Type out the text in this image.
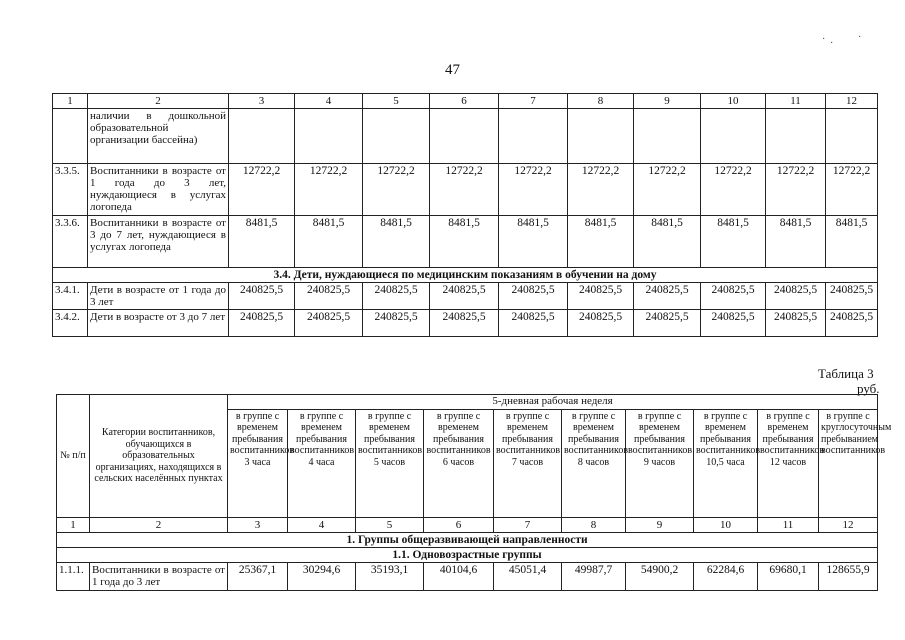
47
· ·
·
1	2	3	4	5	6	7	8	9	10	11	12
	наличии в дошкольной образовательной организации бассейна)										
3.3.5.	Воспитанники в возрасте от 1 года до 3 лет, нуждающиеся в услугах логопеда	12722,2	12722,2	12722,2	12722,2	12722,2	12722,2	12722,2	12722,2	12722,2	12722,2
3.3.6.	Воспитанники в возрасте от 3 до 7 лет, нуждающиеся в услугах логопеда	8481,5	8481,5	8481,5	8481,5	8481,5	8481,5	8481,5	8481,5	8481,5	8481,5
3.4. Дети, нуждающиеся по медицинским показаниям в обучении на дому											
3.4.1.	Дети в возрасте от 1 года до 3 лет	240825,5	240825,5	240825,5	240825,5	240825,5	240825,5	240825,5	240825,5	240825,5	240825,5
3.4.2.	Дети в возрасте от 3 до 7 лет	240825,5	240825,5	240825,5	240825,5	240825,5	240825,5	240825,5	240825,5	240825,5	240825,5
Таблица 3
руб.
№ п/п	Категории воспитанников, обучающихся в образовательных организациях, находящихся в сельских населённых пунктах	5-дневная рабочая неделя									
		в группе с временем пребывания воспитанников 3 часа	в группе с временем пребывания воспитанников 4 часа	в группе с временем пребывания воспитанников 5 часов	в группе с временем пребывания воспитанников 6 часов	в группе с временем пребывания воспитанников 7 часов	в группе с временем пребывания воспитанников 8 часов	в группе с временем пребывания воспитанников 9 часов	в группе с временем пребывания воспитанников 10,5 часа	в группе с временем пребывания воспитанников 12 часов	в группе с круглосуточным пребыванием воспитанников
1	2	3	4	5	6	7	8	9	10	11	12
1. Группы общеразвивающей направленности											
1.1. Одновозрастные группы											
1.1.1.	Воспитанники в возрасте от 1 года до 3 лет	25367,1	30294,6	35193,1	40104,6	45051,4	49987,7	54900,2	62284,6	69680,1	128655,9
